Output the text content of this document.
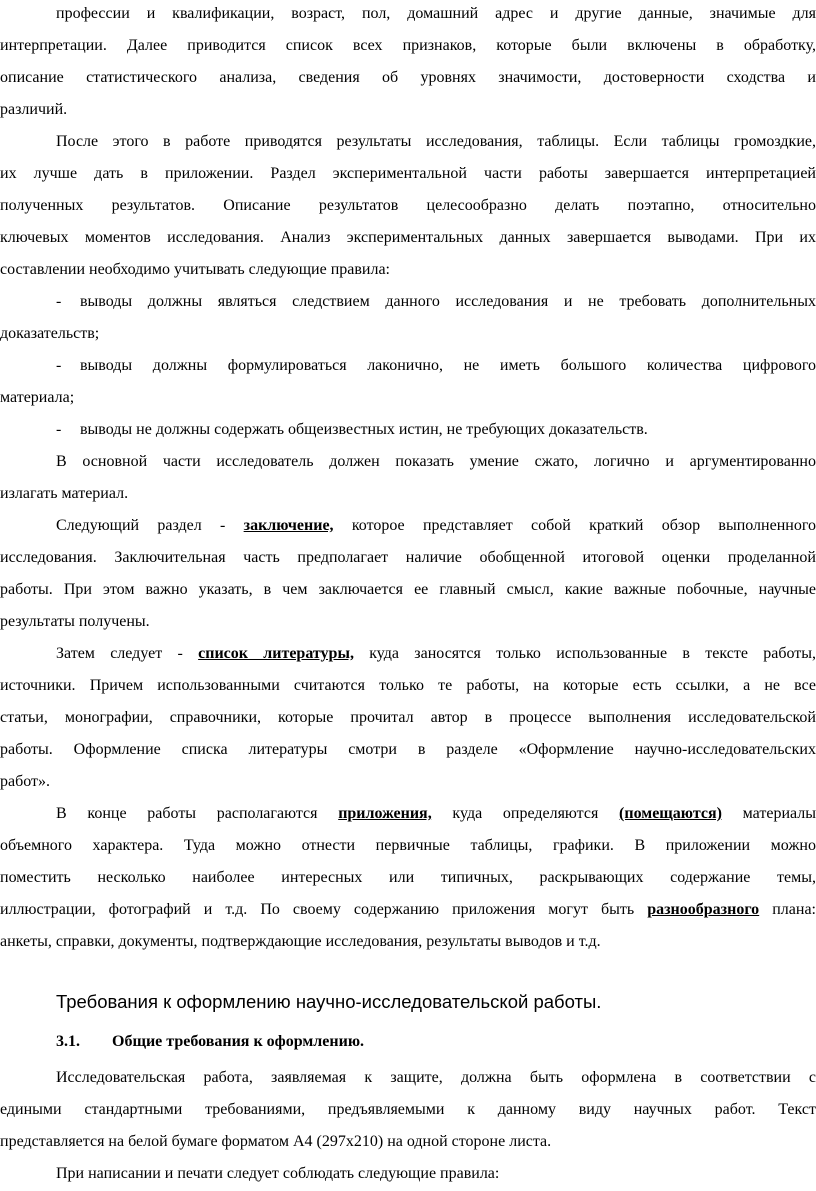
профессии и квалификации, возраст, пол, домашний адрес и другие данные, значимые для
интерпретации. Далее приводится список всех признаков, которые были включены в обработку,
описание статистического анализа, сведения об уровнях значимости, достоверности сходства и
различий.
После этого в работе приводятся результаты исследования, таблицы. Если таблицы громоздкие,
их лучше дать в приложении. Раздел экспериментальной части работы завершается интерпретацией
полученных результатов. Описание результатов целесообразно делать поэтапно, относительно
ключевых моментов исследования. Анализ экспериментальных данных завершается выводами. При их
составлении необходимо учитывать следующие правила:
- выводы должны являться следствием данного исследования и не требовать дополнительных
доказательств;
- выводы должны формулироваться лаконично, не иметь большого количества цифрового
материала;
- выводы не должны содержать общеизвестных истин, не требующих доказательств.
В основной части исследователь должен показать умение сжато, логично и аргументированно
излагать материал.
Следующий раздел - заключение, которое представляет собой краткий обзор выполненного
исследования. Заключительная часть предполагает наличие обобщенной итоговой оценки проделанной
работы. При этом важно указать, в чем заключается ее главный смысл, какие важные побочные, научные
результаты получены.
Затем следует - список литературы, куда заносятся только использованные в тексте работы,
источники. Причем использованными считаются только те работы, на которые есть ссылки, а не все
статьи, монографии, справочники, которые прочитал автор в процессе выполнения исследовательской
работы. Оформление списка литературы смотри в разделе «Оформление научно-исследовательских
работ».
В конце работы располагаются приложения, куда определяются (помещаются) материалы
объемного характера. Туда можно отнести первичные таблицы, графики. В приложении можно
поместить несколько наиболее интересных или типичных, раскрывающих содержание темы,
иллюстрации, фотографий и т.д. По своему содержанию приложения могут быть разнообразного плана:
анкеты, справки, документы, подтверждающие исследования, результаты выводов и т.д.
Требования к оформлению научно-исследовательской работы.
3.1. Общие требования к оформлению.
Исследовательская работа, заявляемая к защите, должна быть оформлена в соответствии с
едиными стандартными требованиями, предъявляемыми к данному виду научных работ. Текст
представляется на белой бумаге форматом А4 (297х210) на одной стороне листа.
При написании и печати следует соблюдать следующие правила:
